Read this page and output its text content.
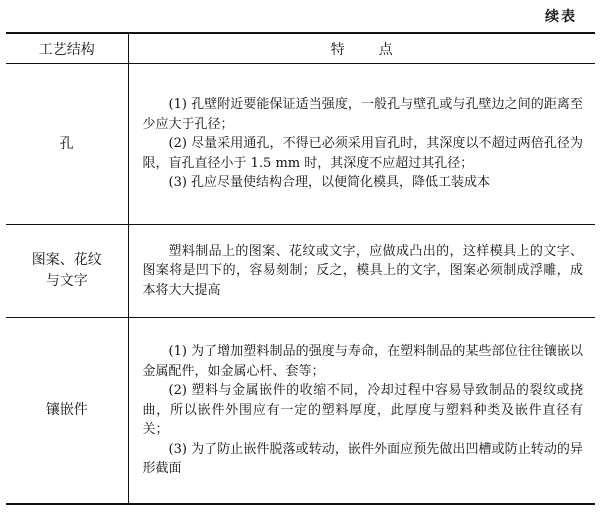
续表
工艺结构	特 点
孔	(1) 孔壁附近要能保证适当强度，一般孔与壁孔或与孔壁边之间的距离至少应大于孔径；
(2) 尽量采用通孔，不得已必须采用盲孔时，其深度以不超过两倍孔径为限，盲孔直径小于 1.5 mm 时，其深度不应超过其孔径；
(3) 孔应尽量使结构合理，以便简化模具，降低工装成本

图案、花纹
与文字	塑料制品上的图案、花纹或文字，应做成凸出的，这样模具上的文字、图案将是凹下的，容易刻制；反之，模具上的文字，图案必须制成浮雕，成本将大大提高

镶嵌件	(1) 为了增加塑料制品的强度与寿命，在塑料制品的某些部位往往镶嵌以金属配件，如金属心杆、套等；
(2) 塑料与金属嵌件的收缩不同，冷却过程中容易导致制品的裂纹或挠曲，所以嵌件外围应有一定的塑料厚度，此厚度与塑料种类及嵌件直径有关；
(3) 为了防止嵌件脱落或转动，嵌件外面应预先做出凹槽或防止转动的异形截面
